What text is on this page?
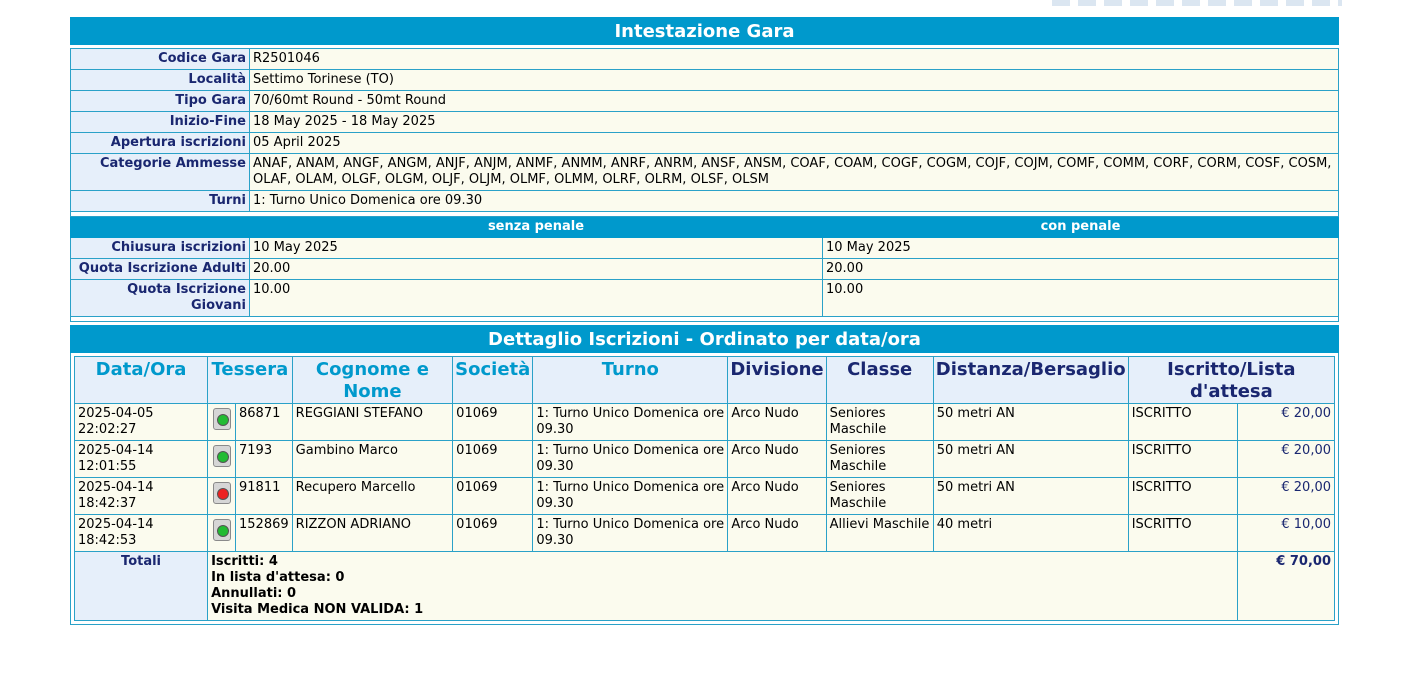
Intestazione Gara
Codice Gara	R2501046	
Località	Settimo Torinese (TO)	
Tipo Gara	70/60mt Round - 50mt Round	
Inizio-Fine	18 May 2025 - 18 May 2025	
Apertura iscrizioni	05 April 2025	
Categorie Ammesse	ANAF, ANAM, ANGF, ANGM, ANJF, ANJM, ANMF, ANMM, ANRF, ANRM, ANSF, ANSM, COAF, COAM, COGF, COGM, COJF, COJM, COMF, COMM, CORF, CORM, COSF, COSM, OLAF, OLAM, OLGF, OLGM, OLJF, OLJM, OLMF, OLMM, OLRF, OLRM, OLSF, OLSM	
Turni	1: Turno Unico Domenica ore 09.30	

	senza penale	con penale
Chiusura iscrizioni	10 May 2025	10 May 2025
Quota Iscrizione Adulti	20.00	20.00
Quota Iscrizione Giovani	10.00	10.00

Dettaglio Iscrizioni - Ordinato per data/ora
Data/Ora	Tessera		Cognome e Nome	Società	Turno	Divisione	Classe	Distanza/Bersaglio	Iscritto/Lista d'attesa	

2025-04-05
22:02:27		86871	REGGIANI STEFANO	01069	1: Turno Unico Domenica ore 09.30	Arco Nudo	Seniores Maschile	50 metri AN	ISCRITTO	€ 20,00

2025-04-14
12:01:55		7193	Gambino Marco	01069	1: Turno Unico Domenica ore 09.30	Arco Nudo	Seniores Maschile	50 metri AN	ISCRITTO	€ 20,00

2025-04-14
18:42:37		91811	Recupero Marcello	01069	1: Turno Unico Domenica ore 09.30	Arco Nudo	Seniores Maschile	50 metri AN	ISCRITTO	€ 20,00

2025-04-14
18:42:53		152869	RIZZON ADRIANO	01069	1: Turno Unico Domenica ore 09.30	Arco Nudo	Allievi Maschile	40 metri	ISCRITTO	€ 10,00
Totali	Iscritti: 4
In lista d'attesa: 0
Annullati: 0
Visita Medica NON VALIDA: 1									€ 70,00
